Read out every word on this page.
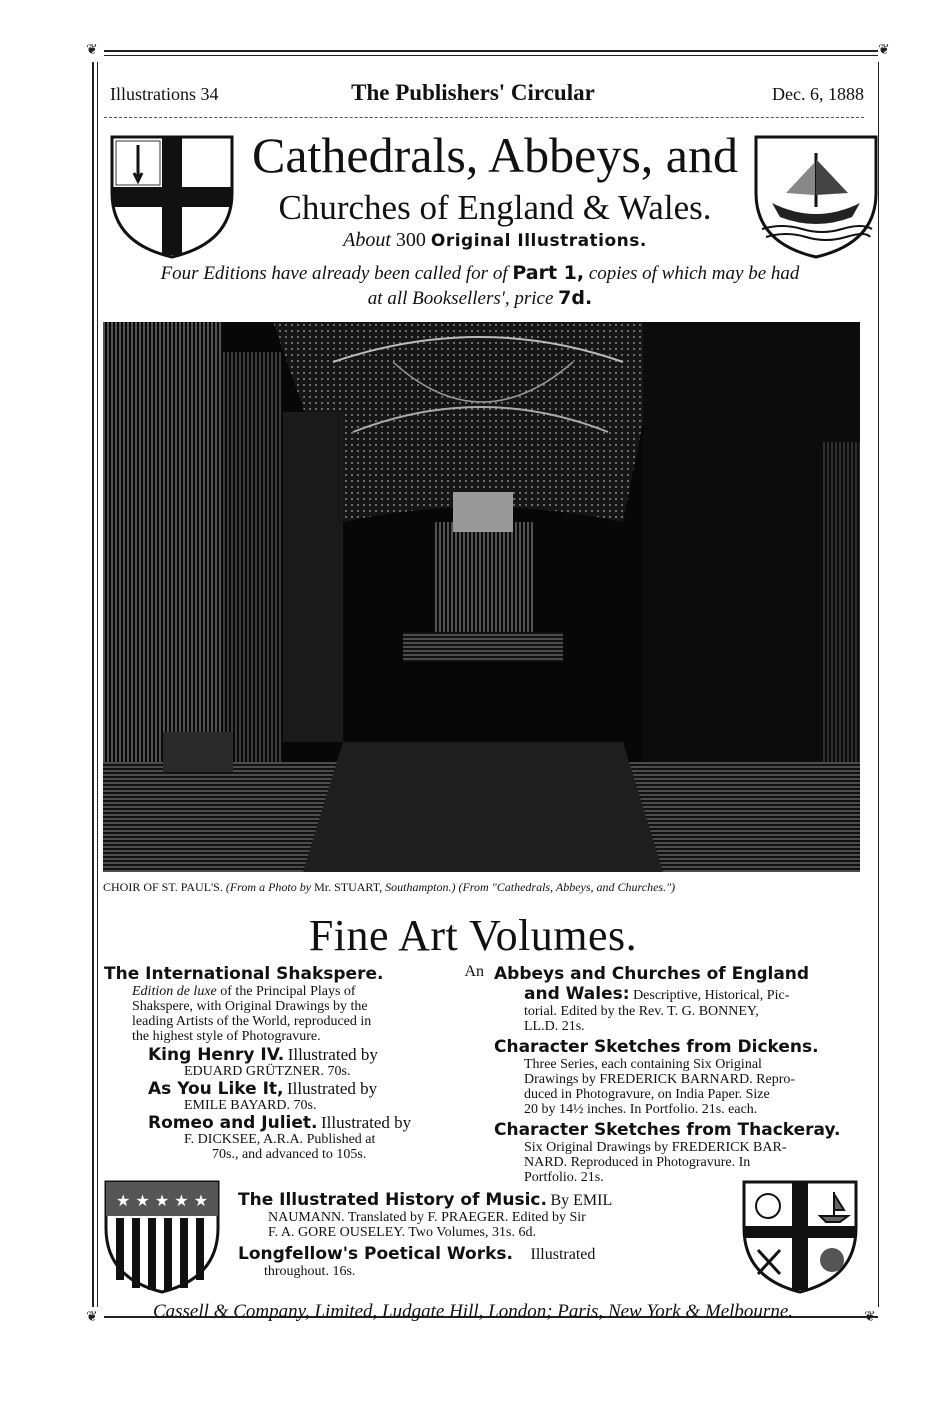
❦	❦
❦	❦
Illustrations 34	The Publishers' Circular	Dec. 6, 1888
Cathedrals, Abbeys, and
Churches of England & Wales.
About 300 Original Illustrations.
Four Editions have already been called for of Part 1, copies of which may be had
at all Booksellers', price 7d.
CHOIR OF ST. PAUL'S. (From a Photo by Mr. STUART, Southampton.) (From "Cathedrals, Abbeys, and Churches.")
Fine Art Volumes.
The International Shakspere.	An
Edition de luxe of the Principal Plays of
Shakspere, with Original Drawings by the
leading Artists of the World, reproduced in
the highest style of Photogravure.
King Henry IV. Illustrated by
EDUARD GRÜTZNER. 70s.
As You Like It, Illustrated by
EMILE BAYARD. 70s.
Romeo and Juliet. Illustrated by
F. DICKSEE, A.R.A. Published at
70s., and advanced to 105s.
Abbeys and Churches of England
and Wales: Descriptive, Historical, Pic-
torial. Edited by the Rev. T. G. BONNEY,
LL.D. 21s.
Character Sketches from Dickens.
Three Series, each containing Six Original
Drawings by FREDERICK BARNARD. Repro-
duced in Photogravure, on India Paper. Size
20 by 14½ inches. In Portfolio. 21s. each.
Character Sketches from Thackeray.
Six Original Drawings by FREDERICK BAR-
NARD. Reproduced in Photogravure. In
Portfolio. 21s.
★ ★ ★ ★ ★ The Illustrated History of Music. By EMIL
NAUMANN. Translated by F. PRAEGER. Edited by Sir
F. A. GORE OUSELEY. Two Volumes, 31s. 6d.
Longfellow's Poetical Works. Illustrated
throughout. 16s.
Cassell & Company, Limited, Ludgate Hill, London; Paris, New York & Melbourne.
